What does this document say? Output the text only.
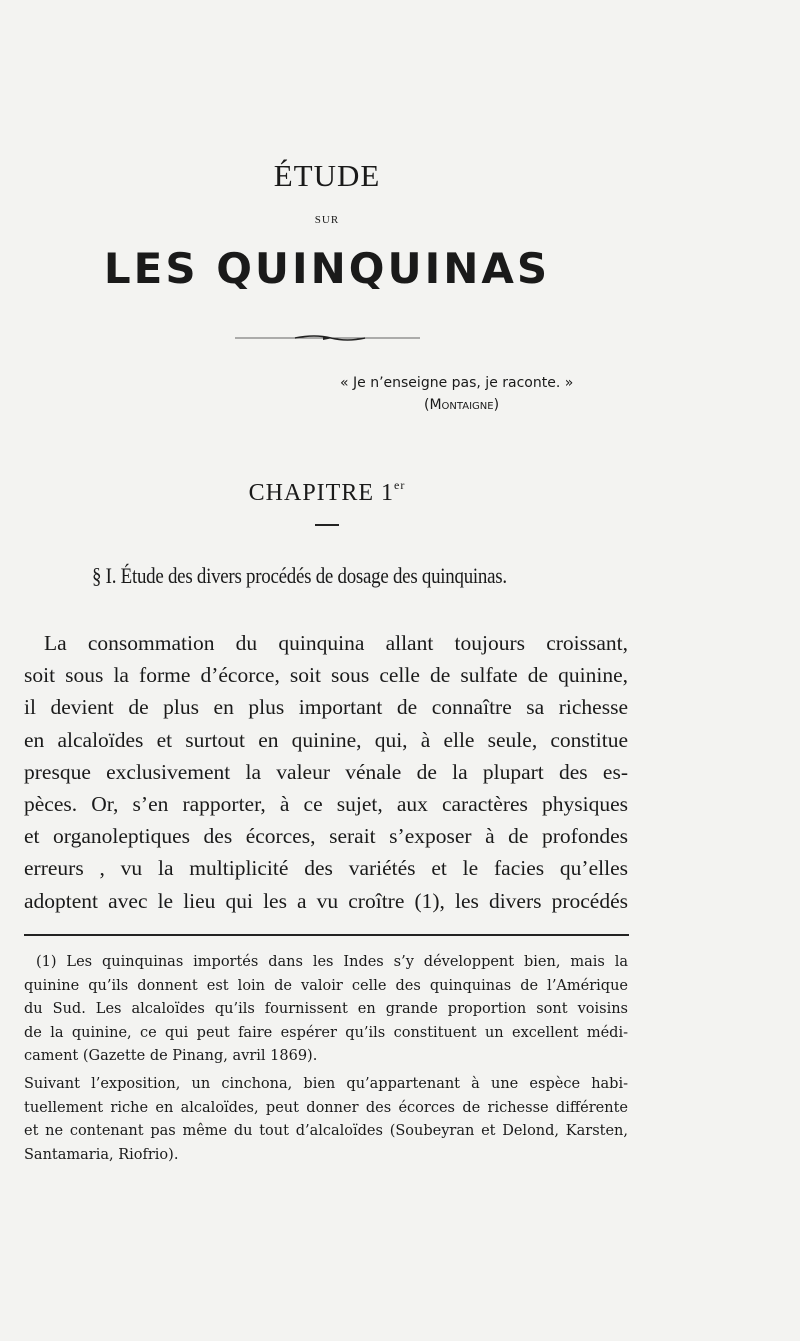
ÉTUDE
SUR
LES QUINQUINAS
« Je n’enseigne pas, je raconte. »
(Montaigne)
CHAPITRE 1er
§ I. Étude des divers procédés de dosage des quinquinas.
La consommation du quinquina allant toujours croissant,
soit sous la forme d’écorce, soit sous celle de sulfate de quinine,
il devient de plus en plus important de connaître sa richesse
en alcaloïdes et surtout en quinine, qui, à elle seule, constitue
presque exclusivement la valeur vénale de la plupart des es-
pèces. Or, s’en rapporter, à ce sujet, aux caractères physiques
et organoleptiques des écorces, serait s’exposer à de profondes
erreurs , vu la multiplicité des variétés et le facies qu’elles
adoptent avec le lieu qui les a vu croître (1), les divers procédés
(1) Les quinquinas importés dans les Indes s’y développent bien, mais la
quinine qu’ils donnent est loin de valoir celle des quinquinas de l’Amérique
du Sud. Les alcaloïdes qu’ils fournissent en grande proportion sont voisins
de la quinine, ce qui peut faire espérer qu’ils constituent un excellent médi-
cament (Gazette de Pinang, avril 1869).
Suivant l’exposition, un cinchona, bien qu’appartenant à une espèce habi-
tuellement riche en alcaloïdes, peut donner des écorces de richesse différente
et ne contenant pas même du tout d’alcaloïdes (Soubeyran et Delond, Karsten,
Santamaria, Riofrio).
